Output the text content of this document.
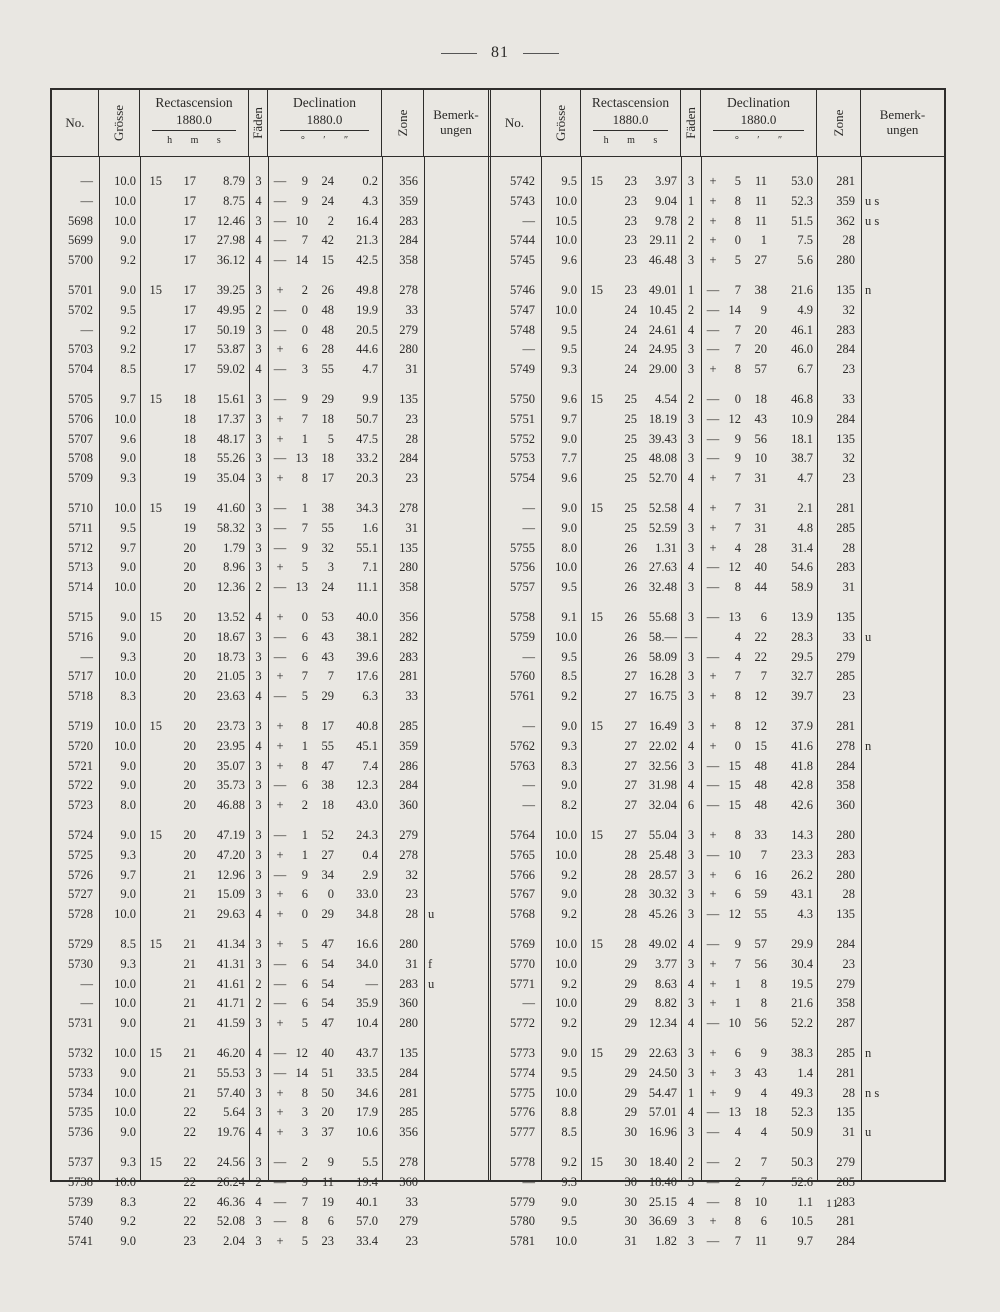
81
No.	Grösse
Rectascension
1880.0
h m s
Fäden
Declination
1880.0
° ′ ″
Zone	Bemerk-
ungen
—	10.0	15	17	8.79 3 —	9	24	0.2	356
—	10.0	17	8.75 4 —	9	24	4.3	359
5698	10.0	17	12.46 3 — 10	2	16.4	283
5699	9.0	17	27.98 4 —	7	42	21.3	284
5700	9.2	17	36.12 4 — 14	15	42.5	358
5701	9.0	15	17	39.25 3	+	2	26	49.8	278
5702	9.5	17	49.95 2 —	0	48	19.9	33
—	9.2	17	50.19 3 —	0	48	20.5	279
5703	9.2	17	53.87 3	+	6	28	44.6	280
5704	8.5	17	59.02 4 —	3	55	4.7	31
5705	9.7	15	18	15.61 3 —	9	29	9.9	135
5706	10.0	18	17.37 3	+	7	18	50.7	23
5707	9.6	18	48.17 3	+	1	5	47.5	28
5708	9.0	18	55.26 3 — 13	18	33.2	284
5709	9.3	19	35.04 3	+	8	17	20.3	23
5710	10.0	15	19	41.60 3 —	1	38	34.3	278
5711	9.5	19	58.32 3 —	7	55	1.6	31
5712	9.7	20	1.79 3 —	9	32	55.1	135
5713	9.0	20	8.96 3	+	5	3	7.1	280
5714	10.0	20	12.36 2 — 13	24	11.1	358
5715	9.0	15	20	13.52 4	+	0	53	40.0	356
5716	9.0	20	18.67 3 —	6	43	38.1	282
—	9.3	20	18.73 3 —	6	43	39.6	283
5717	10.0	20	21.05 3	+	7	7	17.6	281
5718	8.3	20	23.63 4 —	5	29	6.3	33
5719	10.0	15	20	23.73 3	+	8	17	40.8	285
5720	10.0	20	23.95 4	+	1	55	45.1	359
5721	9.0	20	35.07 3	+	8	47	7.4	286
5722	9.0	20	35.73 3 —	6	38	12.3	284
5723	8.0	20	46.88 3	+	2	18	43.0	360
5724	9.0	15	20	47.19 3 —	1	52	24.3	279
5725	9.3	20	47.20 3	+	1	27	0.4	278
5726	9.7	21	12.96 3 —	9	34	2.9	32
5727	9.0	21	15.09 3	+	6	0	33.0	23
5728	10.0	21	29.63 4	+	0	29	34.8	28 u
5729	8.5	15	21	41.34 3	+	5	47	16.6	280
5730	9.3	21	41.31 3 —	6	54	34.0	31 f
—	10.0	21	41.61 2 —	6	54	—	283 u
—	10.0	21	41.71 2 —	6	54	35.9	360
5731	9.0	21	41.59 3	+	5	47	10.4	280
5732	10.0	15	21	46.20 4 — 12	40	43.7	135
5733	9.0	21	55.53 3 — 14	51	33.5	284
5734	10.0	21	57.40 3	+	8	50	34.6	281
5735	10.0	22	5.64 3	+	3	20	17.9	285
5736	9.0	22	19.76 4	+	3	37	10.6	356
5737	9.3	15	22	24.56 3 —	2	9	5.5	278
5738	10.0	22	26.24 2 —	9	11	19.4	360
5739	8.3	22	46.36 4 —	7	19	40.1	33
5740	9.2	22	52.08 3 —	8	6	57.0	279
5741	9.0	23	2.04 3	+	5	23	33.4	23
No.	Grösse
Rectascension
1880.0
h m s
Fäden
Declination
1880.0
° ′ ″
Zone	Bemerk-
ungen
5742	9.5	15	23	3.97 3	+	5	11	53.0	281
5743	10.0	23	9.04 1	+	8	11	52.3	359 u s
—	10.5	23	9.78 2	+	8	11	51.5	362 u s
5744	10.0	23 29.11 2	+	0	1	7.5	28
5745	9.6	23 46.48 3	+	5	27	5.6	280
5746	9.0	15	23 49.01 1	—	7	38	21.6	135 n
5747	10.0	24 10.45 2	— 14	9	4.9	32
5748	9.5	24 24.61 4	—	7	20	46.1	283
—	9.5	24 24.95 3	—	7	20	46.0	284
5749	9.3	24 29.00 3	+	8	57	6.7	23
5750	9.6	15	25	4.54 2	—	0	18	46.8	33
5751	9.7	25 18.19 3	— 12	43	10.9	284
5752	9.0	25 39.43 3	—	9	56	18.1	135
5753	7.7	25 48.08 3	—	9	10	38.7	32
5754	9.6	25 52.70 4	+	7	31	4.7	23
—	9.0	15	25 52.58 4	+	7	31	2.1	281
—	9.0	25 52.59 3	+	7	31	4.8	285
5755	8.0	26	1.31 3	+	4	28	31.4	28
5756	10.0	26 27.63 4	— 12	40	54.6	283
5757	9.5	26 32.48 3	—	8	44	58.9	31
5758	9.1	15	26 55.68 3	— 13	6	13.9	135
5759	10.0	26 58.— —	4	22	28.3	33 u
—	9.5	26 58.09 3	—	4	22	29.5	279
5760	8.5	27 16.28 3	+	7	7	32.7	285
5761	9.2	27 16.75 3	+	8	12	39.7	23
—	9.0	15	27 16.49 3	+	8	12	37.9	281
5762	9.3	27 22.02 4	+	0	15	41.6	278 n
5763	8.3	27 32.56 3	— 15	48	41.8	284
—	9.0	27 31.98 4	— 15	48	42.8	358
—	8.2	27 32.04 6	— 15	48	42.6	360
5764	10.0	15	27 55.04 3	+	8	33	14.3	280
5765	10.0	28 25.48 3	— 10	7	23.3	283
5766	9.2	28 28.57 3	+	6	16	26.2	280
5767	9.0	28 30.32 3	+	6	59	43.1	28
5768	9.2	28 45.26 3	— 12	55	4.3	135
5769	10.0	15	28 49.02 4	—	9	57	29.9	284
5770	10.0	29	3.77 3	+	7	56	30.4	23
5771	9.2	29	8.63 4	+	1	8	19.5	279
—	10.0	29	8.82 3	+	1	8	21.6	358
5772	9.2	29 12.34 4	— 10	56	52.2	287
5773	9.0	15	29 22.63 3	+	6	9	38.3	285 n
5774	9.5	29 24.50 3	+	3	43	1.4	281
5775	10.0	29 54.47 1	+	9	4	49.3	28 n s
5776	8.8	29 57.01 4	— 13	18	52.3	135
5777	8.5	30 16.96 3	—	4	4	50.9	31 u
5778	9.2	15	30 18.40 2	—	2	7	50.3	279
—	9.3	30 18.40 3	—	2	7	52.6	285
5779	9.0	30 25.15 4	—	8	10	1.1	283
5780	9.5	30 36.69 3	+	8	6	10.5	281
5781	10.0	31	1.82 3	—	7	11	9.7	284
11
